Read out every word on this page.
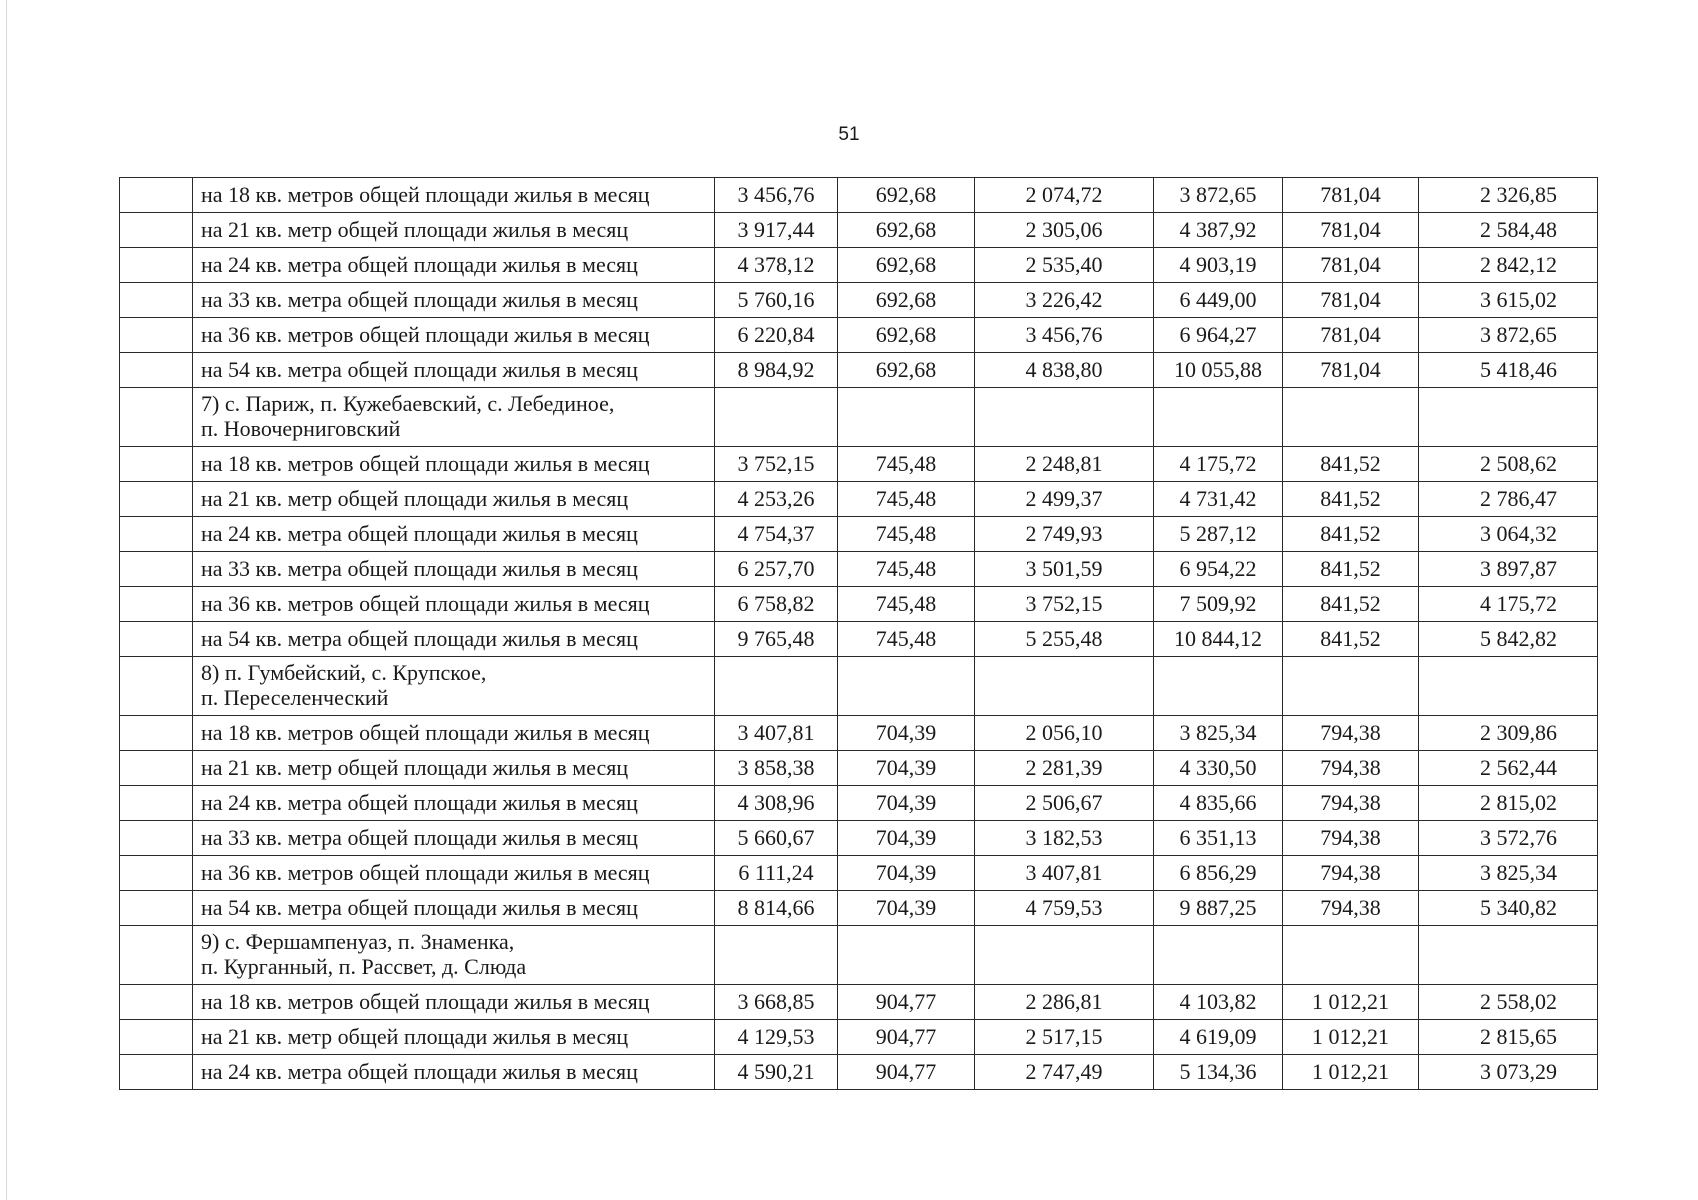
51
	на 18 кв. метров общей площади жилья в месяц	3 456,76	692,68	2 074,72	3 872,65	781,04	2 326,85
	на 21 кв. метр общей площади жилья в месяц	3 917,44	692,68	2 305,06	4 387,92	781,04	2 584,48
	на 24 кв. метра общей площади жилья в месяц	4 378,12	692,68	2 535,40	4 903,19	781,04	2 842,12
	на 33 кв. метра общей площади жилья в месяц	5 760,16	692,68	3 226,42	6 449,00	781,04	3 615,02
	на 36 кв. метров общей площади жилья в месяц	6 220,84	692,68	3 456,76	6 964,27	781,04	3 872,65
	на 54 кв. метра общей площади жилья в месяц	8 984,92	692,68	4 838,80	10 055,88	781,04	5 418,46
	7) с. Париж, п. Кужебаевский, с. Лебединое,
п. Новочерниговский						
	на 18 кв. метров общей площади жилья в месяц	3 752,15	745,48	2 248,81	4 175,72	841,52	2 508,62
	на 21 кв. метр общей площади жилья в месяц	4 253,26	745,48	2 499,37	4 731,42	841,52	2 786,47
	на 24 кв. метра общей площади жилья в месяц	4 754,37	745,48	2 749,93	5 287,12	841,52	3 064,32
	на 33 кв. метра общей площади жилья в месяц	6 257,70	745,48	3 501,59	6 954,22	841,52	3 897,87
	на 36 кв. метров общей площади жилья в месяц	6 758,82	745,48	3 752,15	7 509,92	841,52	4 175,72
	на 54 кв. метра общей площади жилья в месяц	9 765,48	745,48	5 255,48	10 844,12	841,52	5 842,82
	8) п. Гумбейский, с. Крупское,
п. Переселенческий						
	на 18 кв. метров общей площади жилья в месяц	3 407,81	704,39	2 056,10	3 825,34	794,38	2 309,86
	на 21 кв. метр общей площади жилья в месяц	3 858,38	704,39	2 281,39	4 330,50	794,38	2 562,44
	на 24 кв. метра общей площади жилья в месяц	4 308,96	704,39	2 506,67	4 835,66	794,38	2 815,02
	на 33 кв. метра общей площади жилья в месяц	5 660,67	704,39	3 182,53	6 351,13	794,38	3 572,76
	на 36 кв. метров общей площади жилья в месяц	6 111,24	704,39	3 407,81	6 856,29	794,38	3 825,34
	на 54 кв. метра общей площади жилья в месяц	8 814,66	704,39	4 759,53	9 887,25	794,38	5 340,82
	9) с. Фершампенуаз, п. Знаменка,
п. Курганный, п. Рассвет, д. Слюда						
	на 18 кв. метров общей площади жилья в месяц	3 668,85	904,77	2 286,81	4 103,82	1 012,21	2 558,02
	на 21 кв. метр общей площади жилья в месяц	4 129,53	904,77	2 517,15	4 619,09	1 012,21	2 815,65
	на 24 кв. метра общей площади жилья в месяц	4 590,21	904,77	2 747,49	5 134,36	1 012,21	3 073,29
